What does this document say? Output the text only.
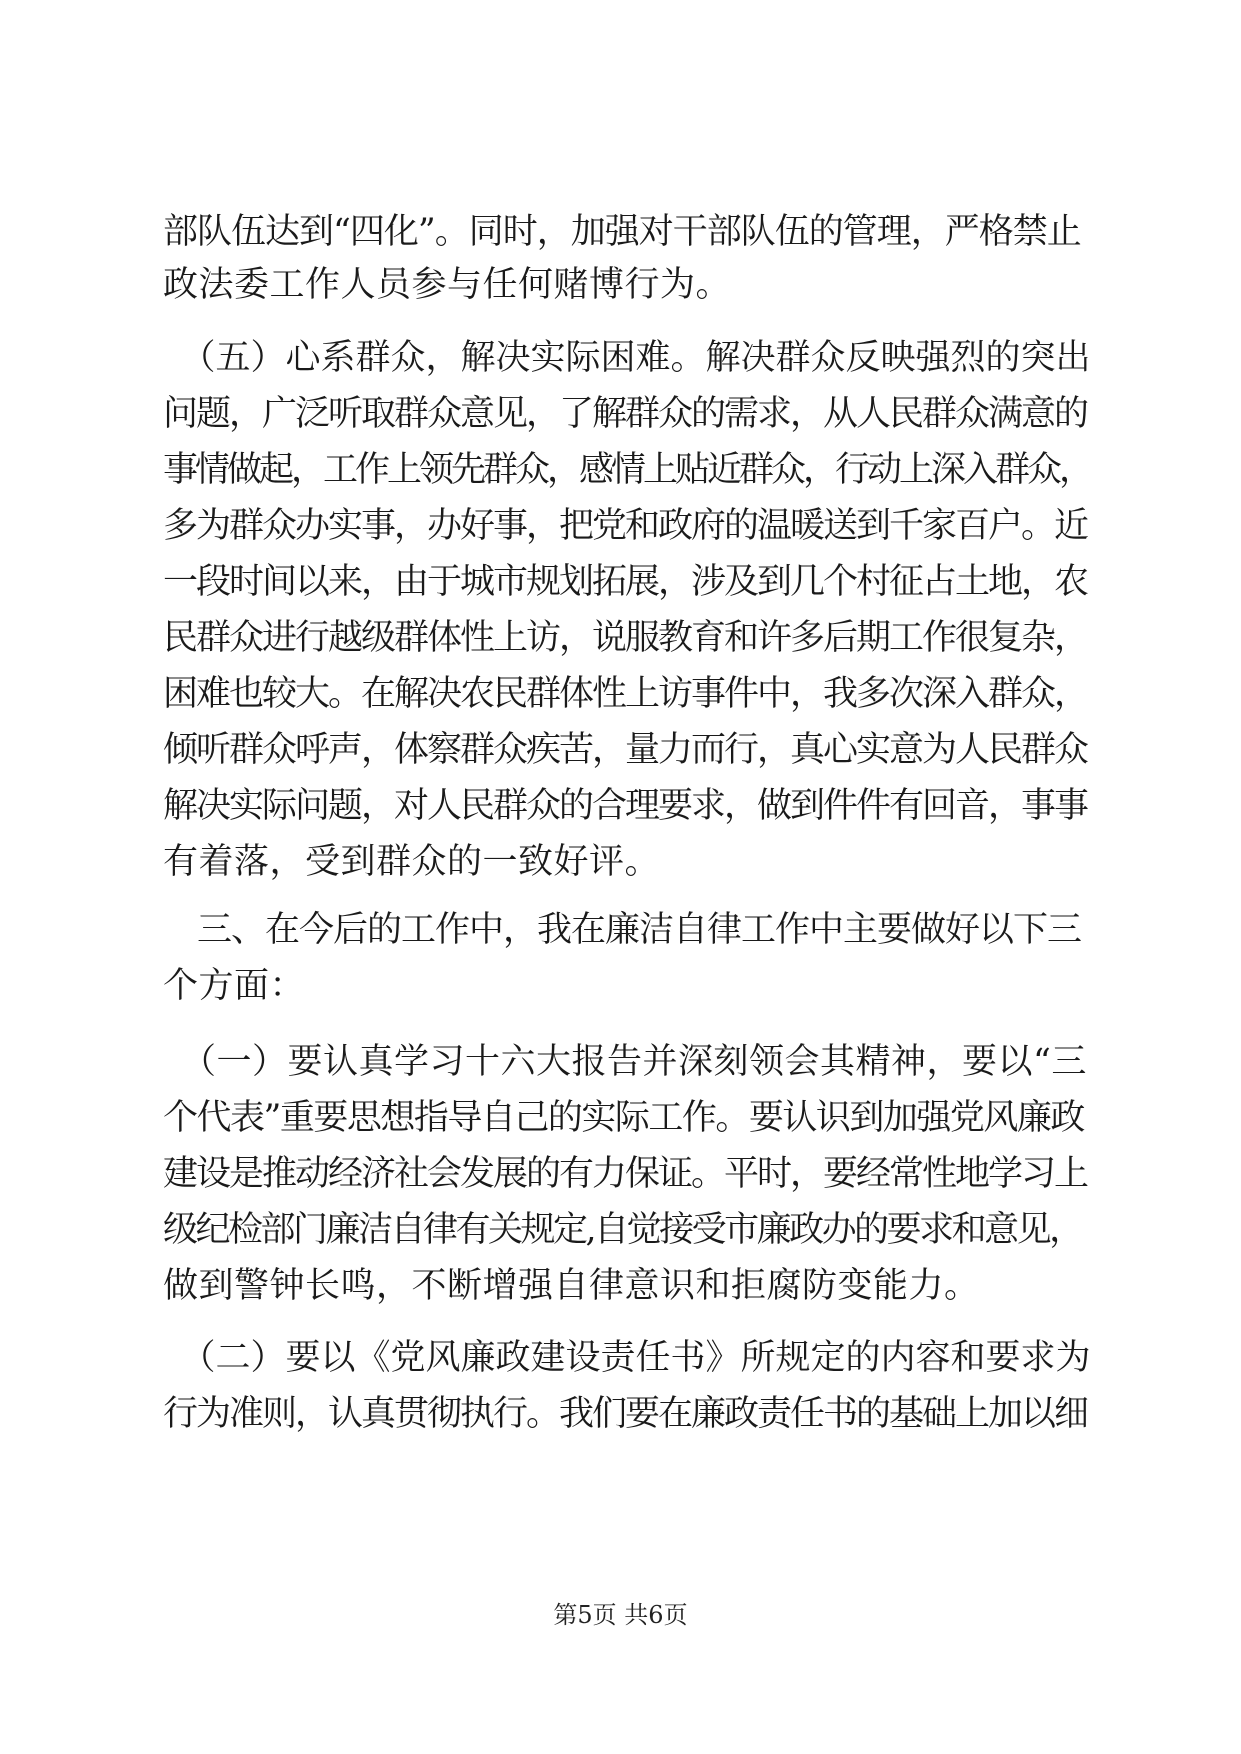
部队伍达到“四化”。同时，加强对干部队伍的管理，严格禁止
政法委工作人员参与任何赌博行为。
　（五）心系群众，解决实际困难。解决群众反映强烈的突出
问题，广泛听取群众意见，了解群众的需求，从人民群众满意的
事情做起，工作上领先群众，感情上贴近群众，行动上深入群众，
多为群众办实事，办好事，把党和政府的温暖送到千家百户。近
一段时间以来，由于城市规划拓展，涉及到几个村征占土地，农
民群众进行越级群体性上访，说服教育和许多后期工作很复杂，
困难也较大。在解决农民群体性上访事件中，我多次深入群众，
倾听群众呼声，体察群众疾苦，量力而行，真心实意为人民群众
解决实际问题，对人民群众的合理要求，做到件件有回音，事事
有着落，受到群众的一致好评。
　三、在今后的工作中，我在廉洁自律工作中主要做好以下三
个方面：
　（一）要认真学习十六大报告并深刻领会其精神，要以“三
个代表”重要思想指导自己的实际工作。要认识到加强党风廉政
建设是推动经济社会发展的有力保证。平时，要经常性地学习上
级纪检部门廉洁自律有关规定,自觉接受市廉政办的要求和意见，
做到警钟长鸣，不断增强自律意识和拒腐防变能力。
　（二）要以《党风廉政建设责任书》所规定的内容和要求为
行为准则，认真贯彻执行。我们要在廉政责任书的基础上加以细
第5页 共6页
